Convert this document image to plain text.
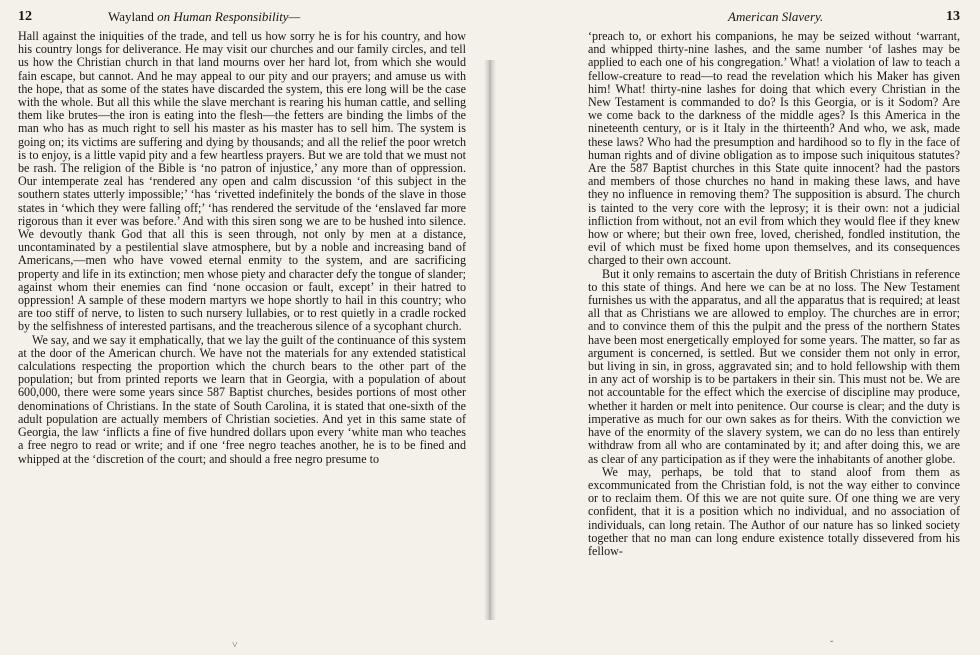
12	Wayland on Human Responsibility—

Hall against the iniquities of the trade, and tell us how sorry he is for his country, and how his country longs for deliverance. He may visit our churches and our family circles, and tell us how the Christian church in that land mourns over her hard lot, from which she would fain escape, but cannot. And he may appeal to our pity and our prayers; and amuse us with the hope, that as some of the states have discarded the system, this ere long will be the case with the whole. But all this while the slave merchant is rearing his human cattle, and selling them like brutes—the iron is eating into the flesh—the fetters are binding the limbs of the man who has as much right to sell his master as his master has to sell him. The system is going on; its victims are suffering and dying by thousands; and all the relief the poor wretch is to enjoy, is a little vapid pity and a few heartless prayers. But we are told that we must not be rash. The religion of the Bible is ‘no patron of injustice,’ any more than of oppression. Our intemperate zeal has ‘rendered any open and calm discussion ‘of this subject in the southern states utterly impossible;’ ‘has ‘rivetted indefinitely the bonds of the slave in those states in ‘which they were falling off;’ ‘has rendered the servitude of the ‘enslaved far more rigorous than it ever was before.’ And with this siren song we are to be hushed into silence. We devoutly thank God that all this is seen through, not only by men at a distance, uncontaminated by a pestilential slave atmosphere, but by a noble and increasing band of Americans,—men who have vowed eternal enmity to the system, and are sacrificing property and life in its extinction; men whose piety and character defy the tongue of slander; against whom their enemies can find ‘none occasion or fault, except’ in their hatred to oppression! A sample of these modern martyrs we hope shortly to hail in this country; who are too stiff of nerve, to listen to such nursery lullabies, or to rest quietly in a cradle rocked by the selfishness of interested partisans, and the treacherous silence of a sycophant church.

We say, and we say it emphatically, that we lay the guilt of the continuance of this system at the door of the American church. We have not the materials for any extended statistical calculations respecting the proportion which the church bears to the other part of the population; but from printed reports we learn that in Georgia, with a population of about 600,000, there were some years since 587 Baptist churches, besides portions of most other denominations of Christians. In the state of South Carolina, it is stated that one-sixth of the adult population are actually members of Christian societies. And yet in this same state of Georgia, the law ‘inflicts a fine of five hundred dollars upon every ‘white man who teaches a free negro to read or write; and if one ‘free negro teaches another, he is to be fined and whipped at the ‘discretion of the court; and should a free negro presume to

˅
American Slavery.	13

‘preach to, or exhort his companions, he may be seized without ‘warrant, and whipped thirty-nine lashes, and the same number ‘of lashes may be applied to each one of his congregation.’ What! a violation of law to teach a fellow-creature to read—to read the revelation which his Maker has given him! What! thirty-nine lashes for doing that which every Christian in the New Testament is commanded to do? Is this Georgia, or is it Sodom? Are we come back to the darkness of the middle ages? Is this America in the nineteenth century, or is it Italy in the thirteenth? And who, we ask, made these laws? Who had the presumption and hardihood so to fly in the face of human rights and of divine obligation as to impose such iniquitous statutes? Are the 587 Baptist churches in this State quite innocent? had the pastors and members of those churches no hand in making these laws, and have they no influence in removing them? The supposition is absurd. The church is tainted to the very core with the leprosy; it is their own: not a judicial infliction from without, not an evil from which they would flee if they knew how or where; but their own free, loved, cherished, fondled institution, the evil of which must be fixed home upon themselves, and its consequences charged to their own account.

But it only remains to ascertain the duty of British Christians in reference to this state of things. And here we can be at no loss. The New Testament furnishes us with the apparatus, and all the apparatus that is required; at least all that as Christians we are allowed to employ. The churches are in error; and to convince them of this the pulpit and the press of the northern States have been most energetically employed for some years. The matter, so far as argument is concerned, is settled. But we consider them not only in error, but living in sin, in gross, aggravated sin; and to hold fellowship with them in any act of worship is to be partakers in their sin. This must not be. We are not accountable for the effect which the exercise of discipline may produce, whether it harden or melt into penitence. Our course is clear; and the duty is imperative as much for our own sakes as for theirs. With the conviction we have of the enormity of the slavery system, we can do no less than entirely withdraw from all who are contaminated by it; and after doing this, we are as clear of any participation as if they were the inhabitants of another globe.

We may, perhaps, be told that to stand aloof from them as excommunicated from the Christian fold, is not the way either to convince or to reclaim them. Of this we are not quite sure. Of one thing we are very confident, that it is a position which no individual, and no association of individuals, can long retain. The Author of our nature has so linked society together that no man can long endure existence totally dissevered from his fellow-

ˇ
